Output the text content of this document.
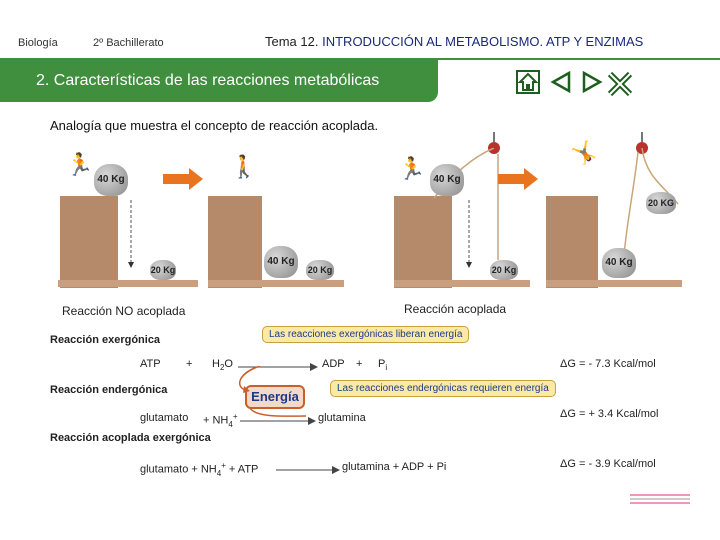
Biología	2º Bachillerato	Tema 12. INTRODUCCIÓN AL METABOLISMO. ATP Y ENZIMAS
2. Características de las reacciones metabólicas
Analogía que muestra el concepto de reacción acoplada.
🏃
40 Kg
20 Kg
🚶
40 Kg
20 Kg
Reacción NO acoplada
🏃 40 Kg
20 Kg
🤸
20 KG
40 Kg
Reacción acoplada
Reacción exergónica	Las reacciones exergónicas liberan energía
ATP + $H_2O$	ADP + $P_i$	ΔG = - 7.3 Kcal/mol
Reacción endergónica	Energía
Las reacciones endergónicas requieren energía
glutamato + $NH_4^+$	glutamina	ΔG = + 3.4 Kcal/mol
Reacción acoplada exergónica
glutamato + $NH_4^+$ + ATP → glutamina + ADP + Pi	ΔG = - 3.9 Kcal/mol
